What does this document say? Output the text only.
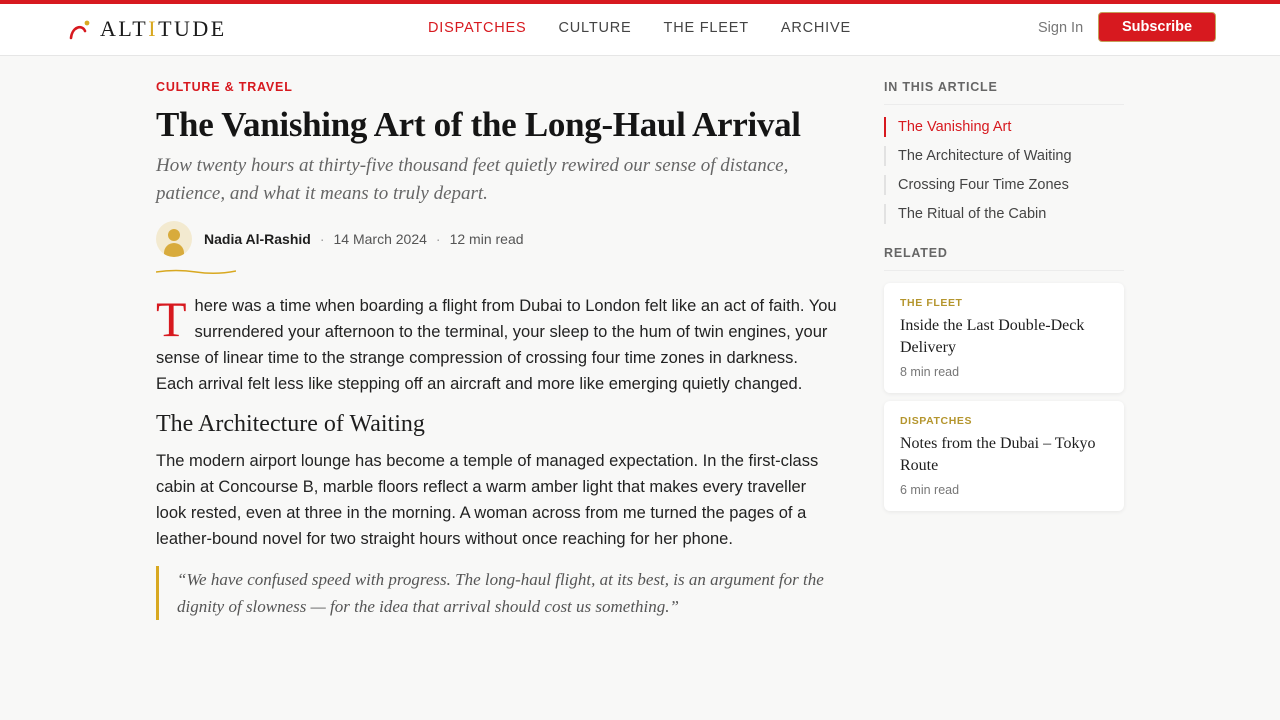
ALTITUDE	DISPATCHES CULTURE THE FLEET ARCHIVE	Sign In	Subscribe
CULTURE & TRAVEL
The Vanishing Art of the Long-Haul Arrival
How twenty hours at thirty-five thousand feet quietly rewired our sense of distance, patience, and what it means to truly depart.
Nadia Al-Rashid · 14 March 2024 · 12 min read

There was a time when boarding a flight from Dubai to London felt like an act of faith. You surrendered your afternoon to the terminal, your sleep to the hum of twin engines, your sense of linear time to the strange compression of crossing four time zones in darkness. Each arrival felt less like stepping off an aircraft and more like emerging quietly changed.

The Architecture of Waiting

The modern airport lounge has become a temple of managed expectation. In the first-class cabin at Concourse B, marble floors reflect a warm amber light that makes every traveller look rested, even at three in the morning. A woman across from me turned the pages of a leather-bound novel for two straight hours without once reaching for her phone.

“We have confused speed with progress. The long-haul flight, at its best, is an argument for the dignity of slowness — for the idea that arrival should cost us something.”
IN THIS ARTICLE
The Vanishing Art
The Architecture of Waiting
Crossing Four Time Zones
The Ritual of the Cabin
RELATED
THE FLEET
Inside the Last Double-Deck Delivery
8 min read
DISPATCHES
Notes from the Dubai – Tokyo Route
6 min read
